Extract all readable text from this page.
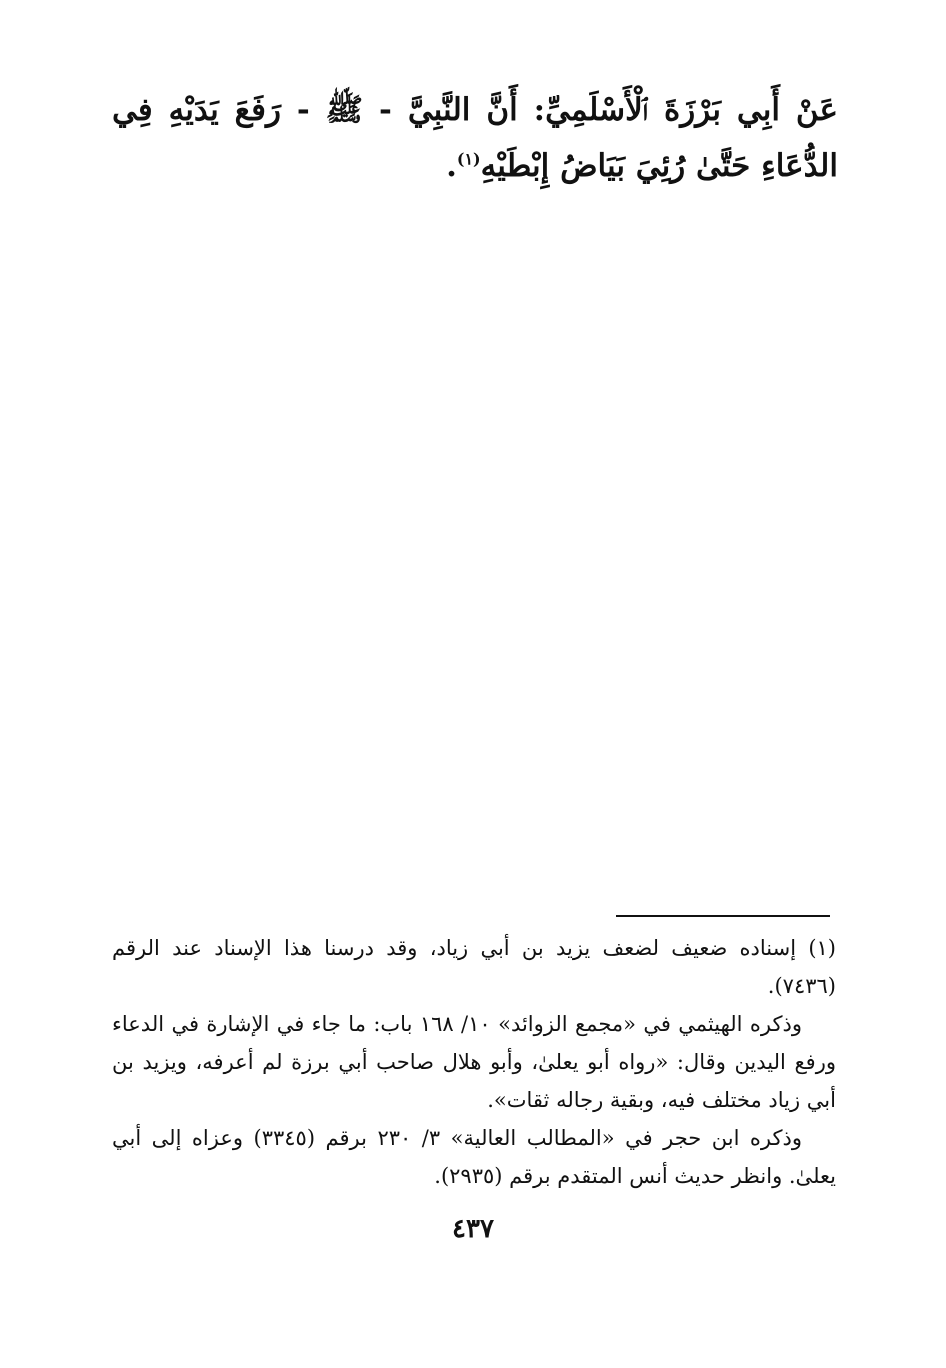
عَنْ أَبِي بَرْزَةَ ٱلْأَسْلَمِيِّ: أَنَّ النَّبِيَّ - ﷺ - رَفَعَ يَدَيْهِ فِي الدُّعَاءِ حَتَّىٰ رُئِيَ بَيَاضُ إِبْطَيْهِ$^{(١)}$.

(١) إسناده ضعيف لضعف يزيد بن أبي زياد، وقد درسنا هذا الإسناد عند الرقم (٧٤٣٦).

وذكره الهيثمي في «مجمع الزوائد» ١٠/ ١٦٨ باب: ما جاء في الإشارة في الدعاء ورفع اليدين وقال: «رواه أبو يعلىٰ، وأبو هلال صاحب أبي برزة لم أعرفه، ويزيد بن أبي زياد مختلف فيه، وبقية رجاله ثقات».

وذكره ابن حجر في «المطالب العالية» ٣/ ٢٣٠ برقم (٣٣٤٥) وعزاه إلى أبي يعلىٰ. وانظر حديث أنس المتقدم برقم (٢٩٣٥).

٤٣٧
